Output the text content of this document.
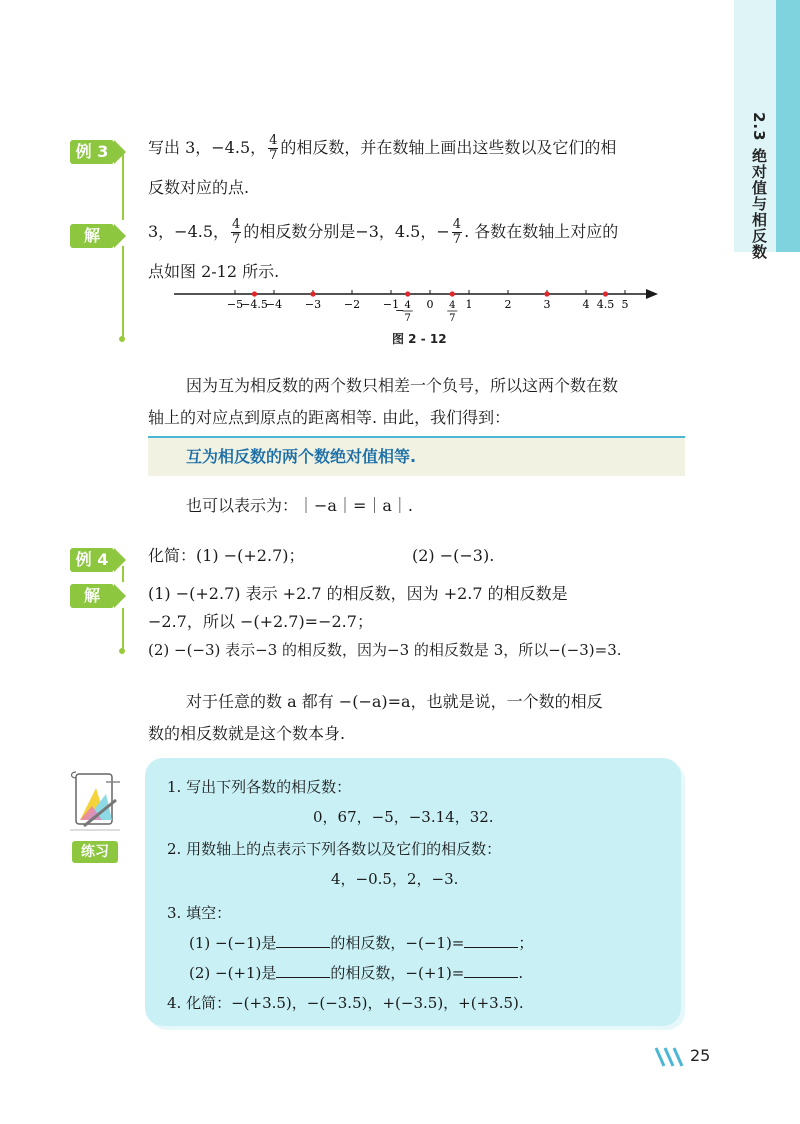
2.3 绝对值与相反数
例 3	写出 3，−4.5， $\frac{4}{7}$ 的相反数，并在数轴上画出这些数以及它们的相
反数对应的点.
解	3，−4.5， $\frac{4}{7}$ 的相反数分别是−3，4.5，− $\frac{4}{7}$ . 各数在数轴上对应的
点如图 2-12 所示.
−5
−4.5
−4 −3 −2 −1 0	1	2	3	4 4.5 5
− 4
7
4
7
图 2 - 12
因为互为相反数的两个数只相差一个负号，所以这两个数在数
轴上的对应点到原点的距离相等. 由此，我们得到：
互为相反数的两个数绝对值相等.
也可以表示为：｜−a｜=｜a｜.
例 4	化简：(1) −(+2.7)；	(2) −(−3).
解	(1) −(+2.7) 表示 +2.7 的相反数，因为 +2.7 的相反数是
−2.7，所以 −(+2.7)=−2.7；
(2) −(−3) 表示−3 的相反数，因为−3 的相反数是 3，所以−(−3)=3.
对于任意的数 a 都有 −(−a)=a，也就是说，一个数的相反
数的相反数就是这个数本身.
练习
1. 写出下列各数的相反数：
0，67，−5，−3.14，32.
2. 用数轴上的点表示下列各数以及它们的相反数：
4，−0.5，2，−3.
3. 填空：
(1) −(−1)是	的相反数，−(−1)=	；
(2) −(+1)是	的相反数，−(+1)=	.
4. 化简：−(+3.5)，−(−3.5)，+(−3.5)，+(+3.5).
25
